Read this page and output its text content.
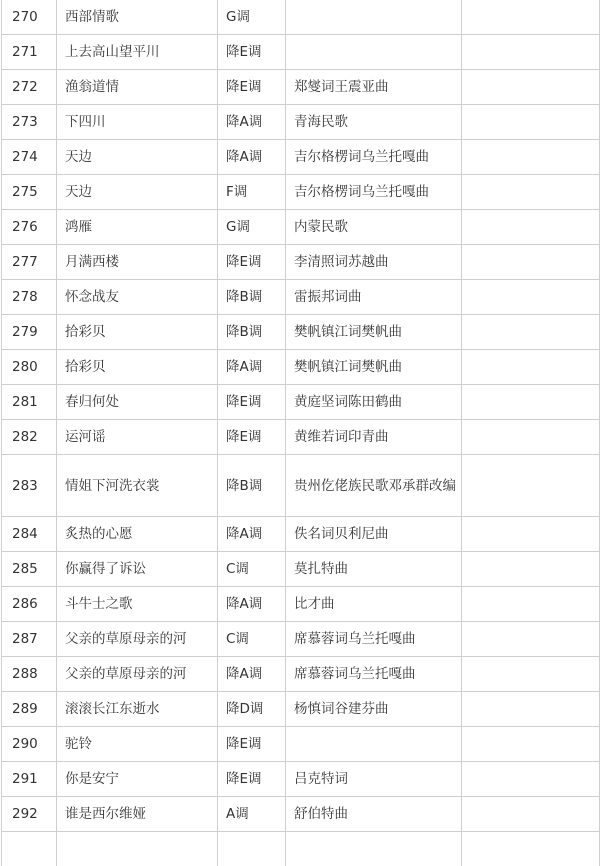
270	西部情歌	G调		
271	上去高山望平川	降E调		
272	渔翁道情	降E调	郑燮词王震亚曲	
273	下四川	降A调	青海民歌	
274	天边	降A调	吉尔格楞词乌兰托嘎曲	
275	天边	F调	吉尔格楞词乌兰托嘎曲	
276	鸿雁	G调	内蒙民歌	
277	月满西楼	降E调	李清照词苏越曲	
278	怀念战友	降B调	雷振邦词曲	
279	拾彩贝	降B调	樊帆镇江词樊帆曲	
280	拾彩贝	降A调	樊帆镇江词樊帆曲	
281	春归何处	降E调	黄庭坚词陈田鹤曲	
282	运河谣	降E调	黄维若词印青曲	
283	情姐下河洗衣裳	降B调	贵州仡佬族民歌邓承群改编	
284	炙热的心愿	降A调	佚名词贝利尼曲	
285	你赢得了诉讼	C调	莫扎特曲	
286	斗牛士之歌	降A调	比才曲	
287	父亲的草原母亲的河	C调	席慕蓉词乌兰托嘎曲	
288	父亲的草原母亲的河	降A调	席慕蓉词乌兰托嘎曲	
289	滚滚长江东逝水	降D调	杨慎词谷建芬曲	
290	驼铃	降E调		
291	你是安宁	降E调	吕克特词	
292	谁是西尔维娅	A调	舒伯特曲	
